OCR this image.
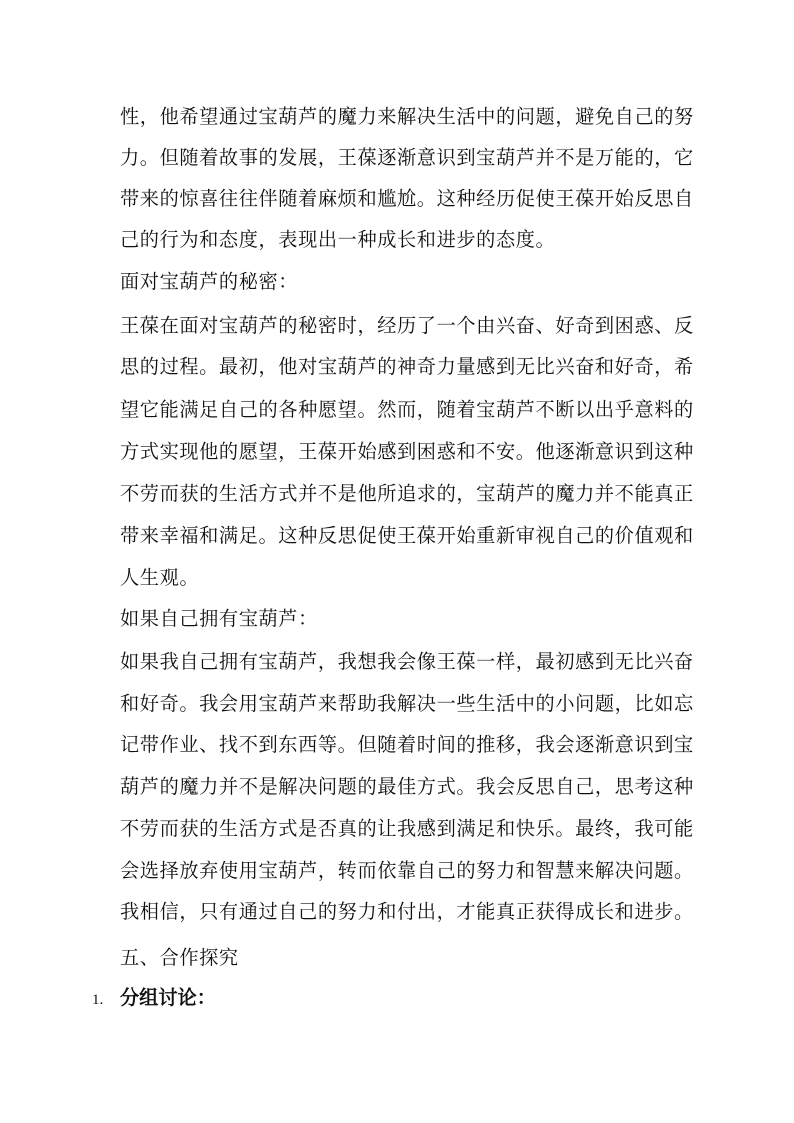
性，他希望通过宝葫芦的魔力来解决生活中的问题，避免自己的努
力。但随着故事的发展，王葆逐渐意识到宝葫芦并不是万能的，它
带来的惊喜往往伴随着麻烦和尴尬。这种经历促使王葆开始反思自
己的行为和态度，表现出一种成长和进步的态度。
面对宝葫芦的秘密：
王葆在面对宝葫芦的秘密时，经历了一个由兴奋、好奇到困惑、反
思的过程。最初，他对宝葫芦的神奇力量感到无比兴奋和好奇，希
望它能满足自己的各种愿望。然而，随着宝葫芦不断以出乎意料的
方式实现他的愿望，王葆开始感到困惑和不安。他逐渐意识到这种
不劳而获的生活方式并不是他所追求的，宝葫芦的魔力并不能真正
带来幸福和满足。这种反思促使王葆开始重新审视自己的价值观和
人生观。
如果自己拥有宝葫芦：
如果我自己拥有宝葫芦，我想我会像王葆一样，最初感到无比兴奋
和好奇。我会用宝葫芦来帮助我解决一些生活中的小问题，比如忘
记带作业、找不到东西等。但随着时间的推移，我会逐渐意识到宝
葫芦的魔力并不是解决问题的最佳方式。我会反思自己，思考这种
不劳而获的生活方式是否真的让我感到满足和快乐。最终，我可能
会选择放弃使用宝葫芦，转而依靠自己的努力和智慧来解决问题。
我相信，只有通过自己的努力和付出，才能真正获得成长和进步。
五、合作探究
1. 分组讨论：
